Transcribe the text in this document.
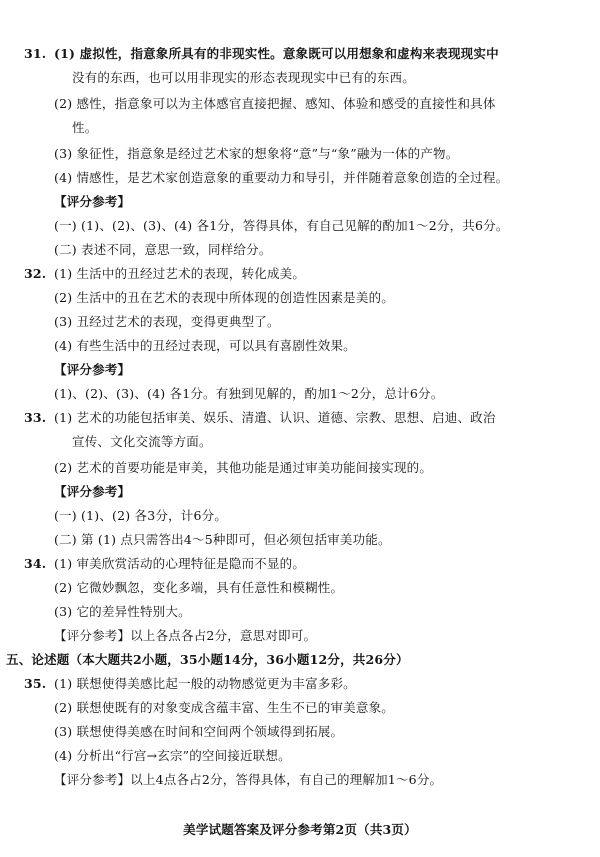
31. (1) 虚拟性，指意象所具有的非现实性。意象既可以用想象和虚构来表现现实中
没有的东西，也可以用非现实的形态表现现实中已有的东西。
(2) 感性，指意象可以为主体感官直接把握、感知、体验和感受的直接性和具体
性。
(3) 象征性，指意象是经过艺术家的想象将“意”与“象”融为一体的产物。
(4) 情感性，是艺术家创造意象的重要动力和导引，并伴随着意象创造的全过程。
【评分参考】
(一) (1)、(2)、(3)、(4) 各1分，答得具体，有自己见解的酌加1～2分，共6分。
(二) 表述不同，意思一致，同样给分。
32. (1) 生活中的丑经过艺术的表现，转化成美。
(2) 生活中的丑在艺术的表现中所体现的创造性因素是美的。
(3) 丑经过艺术的表现，变得更典型了。
(4) 有些生活中的丑经过表现，可以具有喜剧性效果。
【评分参考】
(1)、(2)、(3)、(4) 各1分。有独到见解的，酌加1～2分，总计6分。
33. (1) 艺术的功能包括审美、娱乐、清遣、认识、道德、宗教、思想、启迪、政治
宣传、文化交流等方面。
(2) 艺术的首要功能是审美，其他功能是通过审美功能间接实现的。
【评分参考】
(一) (1)、(2) 各3分，计6分。
(二) 第 (1) 点只需答出4～5种即可，但必须包括审美功能。
34. (1) 审美欣赏活动的心理特征是隐而不显的。
(2) 它微妙飘忽，变化多端，具有任意性和模糊性。
(3) 它的差异性特别大。
【评分参考】以上各点各占2分，意思对即可。
五、论述题（本大题共2小题，35小题14分，36小题12分，共26分）
35. (1) 联想使得美感比起一般的动物感觉更为丰富多彩。
(2) 联想使既有的对象变成含蕴丰富、生生不已的审美意象。
(3) 联想使得美感在时间和空间两个领域得到拓展。
(4) 分析出“行宫→玄宗”的空间接近联想。
【评分参考】以上4点各占2分，答得具体，有自己的理解加1～6分。
美学试题答案及评分参考第2页（共3页）
